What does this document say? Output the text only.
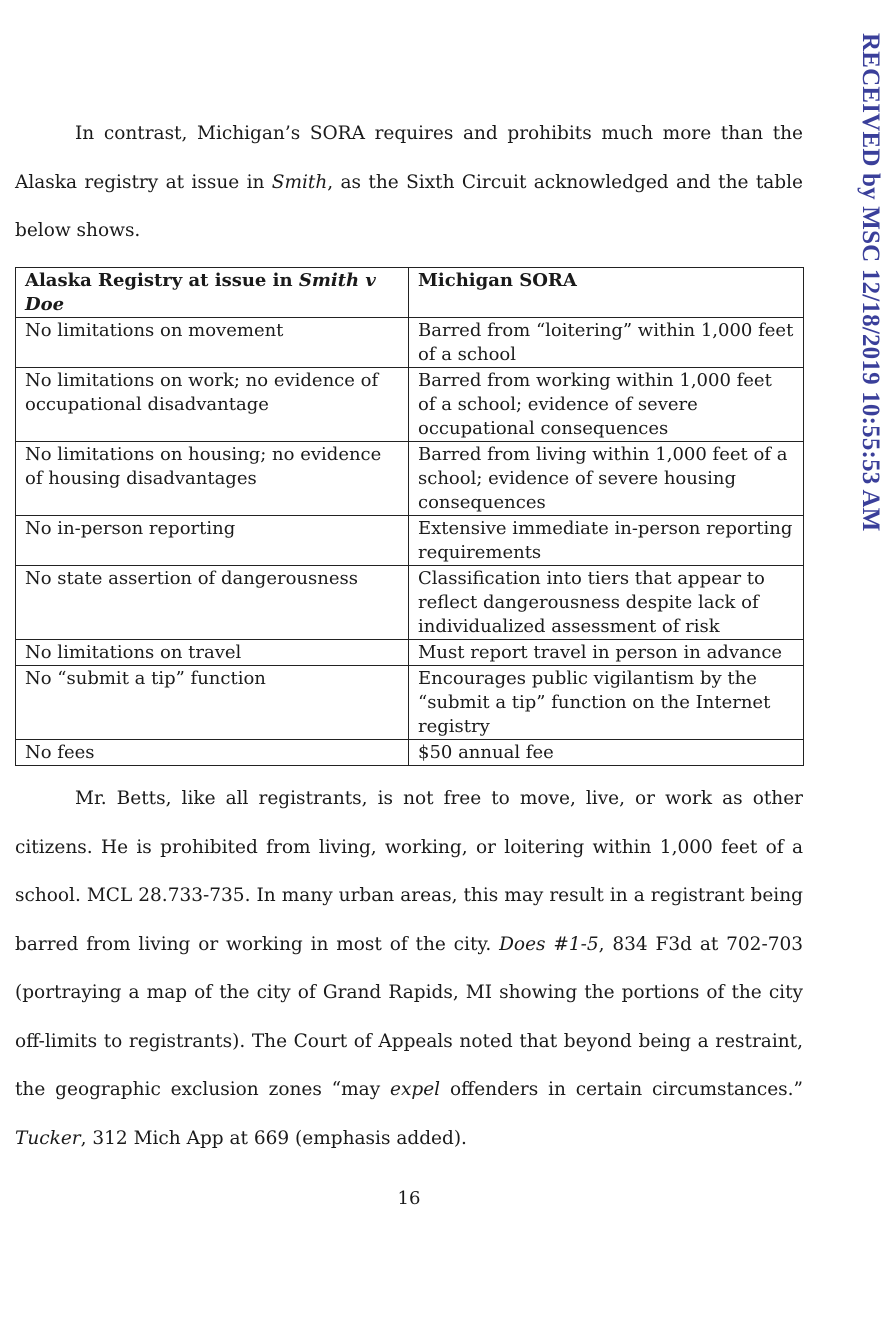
In contrast, Michigan’s SORA requires and prohibits much more than the Alaska registry at issue in Smith, as the Sixth Circuit acknowledged and the table below shows.

Alaska Registry at issue in Smith v Doe	Michigan SORA
No limitations on movement	Barred from “loitering” within 1,000 feet of a school
No limitations on work; no evidence of occupational disadvantage	Barred from working within 1,000 feet of a school; evidence of severe occupational consequences
No limitations on housing; no evidence of housing disadvantages	Barred from living within 1,000 feet of a school; evidence of severe housing consequences
No in-person reporting	Extensive immediate in-person reporting requirements
No state assertion of dangerousness	Classification into tiers that appear to reflect dangerousness despite lack of individualized assessment of risk
No limitations on travel	Must report travel in person in advance
No “submit a tip” function	Encourages public vigilantism by the “submit a tip” function on the Internet registry
No fees	$50 annual fee

Mr. Betts, like all registrants, is not free to move, live, or work as other citizens. He is prohibited from living, working, or loitering within 1,000 feet of a school. MCL 28.733-735. In many urban areas, this may result in a registrant being barred from living or working in most of the city. Does #1-5, 834 F3d at 702-703 (portraying a map of the city of Grand Rapids, MI showing the portions of the city off-limits to registrants). The Court of Appeals noted that beyond being a restraint, the geographic exclusion zones “may expel offenders in certain circumstances.” Tucker, 312 Mich App at 669 (emphasis added).

16
RECEIVED by MSC 12/18/2019 10:55:53 AM
